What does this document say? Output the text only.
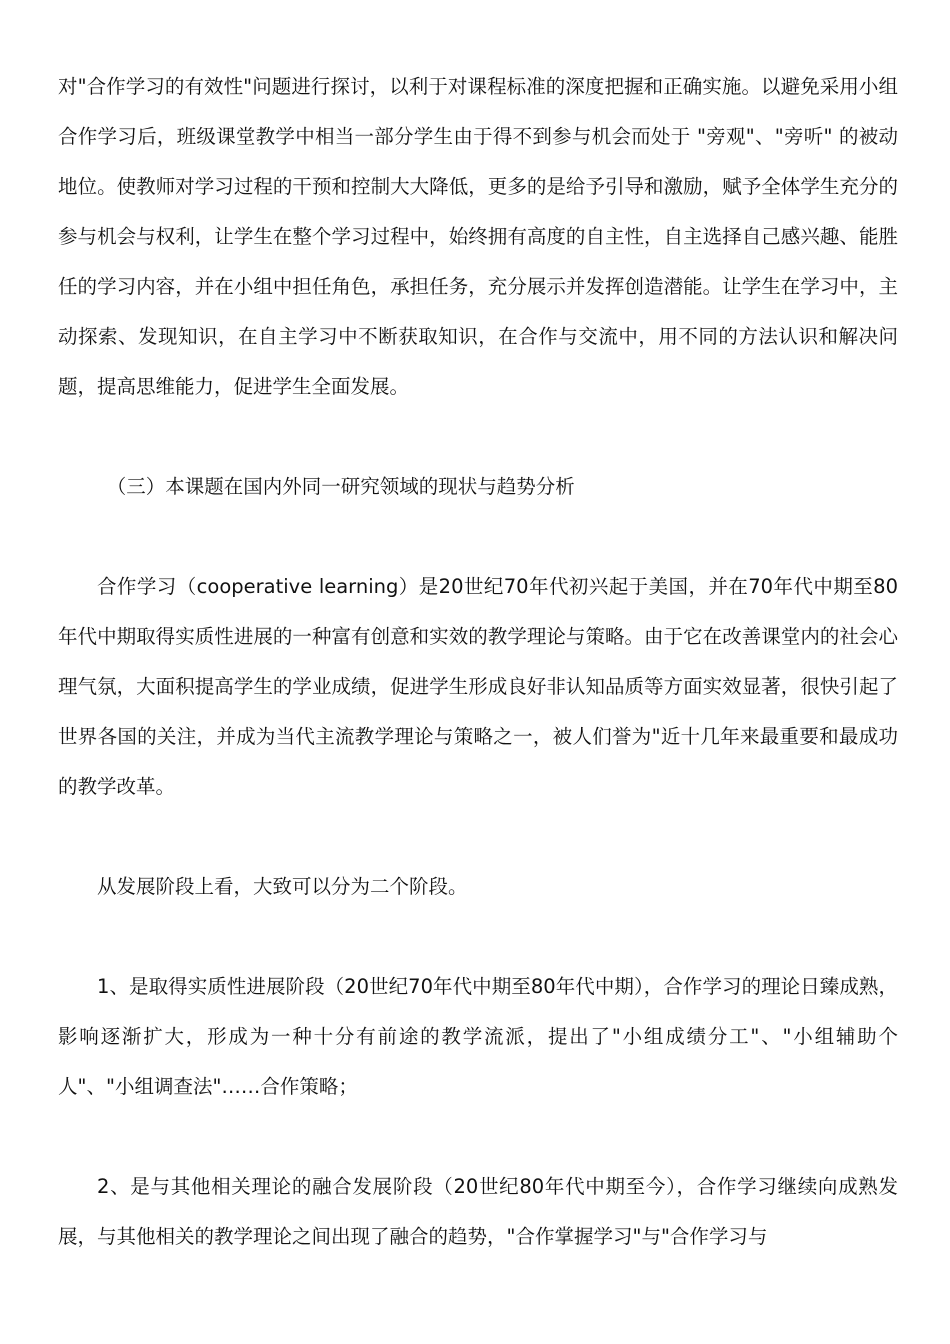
对"合作学习的有效性"问题进行探讨，以利于对课程标准的深度把握和正确实施。以避免采用小组合作学习后，班级课堂教学中相当一部分学生由于得不到参与机会而处于 "旁观"、"旁听" 的被动地位。使教师对学习过程的干预和控制大大降低，更多的是给予引导和激励，赋予全体学生充分的参与机会与权利，让学生在整个学习过程中，始终拥有高度的自主性，自主选择自己感兴趣、能胜任的学习内容，并在小组中担任角色，承担任务，充分展示并发挥创造潜能。让学生在学习中，主动探索、发现知识，在自主学习中不断获取知识，在合作与交流中，用不同的方法认识和解决问题，提高思维能力，促进学生全面发展。

（三）本课题在国内外同一研究领域的现状与趋势分析

合作学习（cooperative learning）是20世纪70年代初兴起于美国，并在70年代中期至80年代中期取得实质性进展的一种富有创意和实效的教学理论与策略。由于它在改善课堂内的社会心理气氛，大面积提高学生的学业成绩，促进学生形成良好非认知品质等方面实效显著，很快引起了世界各国的关注，并成为当代主流教学理论与策略之一，被人们誉为"近十几年来最重要和最成功的教学改革。

从发展阶段上看，大致可以分为二个阶段。

1、是取得实质性进展阶段（20世纪70年代中期至80年代中期），合作学习的理论日臻成熟，影响逐渐扩大，形成为一种十分有前途的教学流派，提出了"小组成绩分工"、"小组辅助个人"、"小组调查法"……合作策略；

2、是与其他相关理论的融合发展阶段（20世纪80年代中期至今），合作学习继续向成熟发展，与其他相关的教学理论之间出现了融合的趋势，"合作掌握学习"与"合作学习与
